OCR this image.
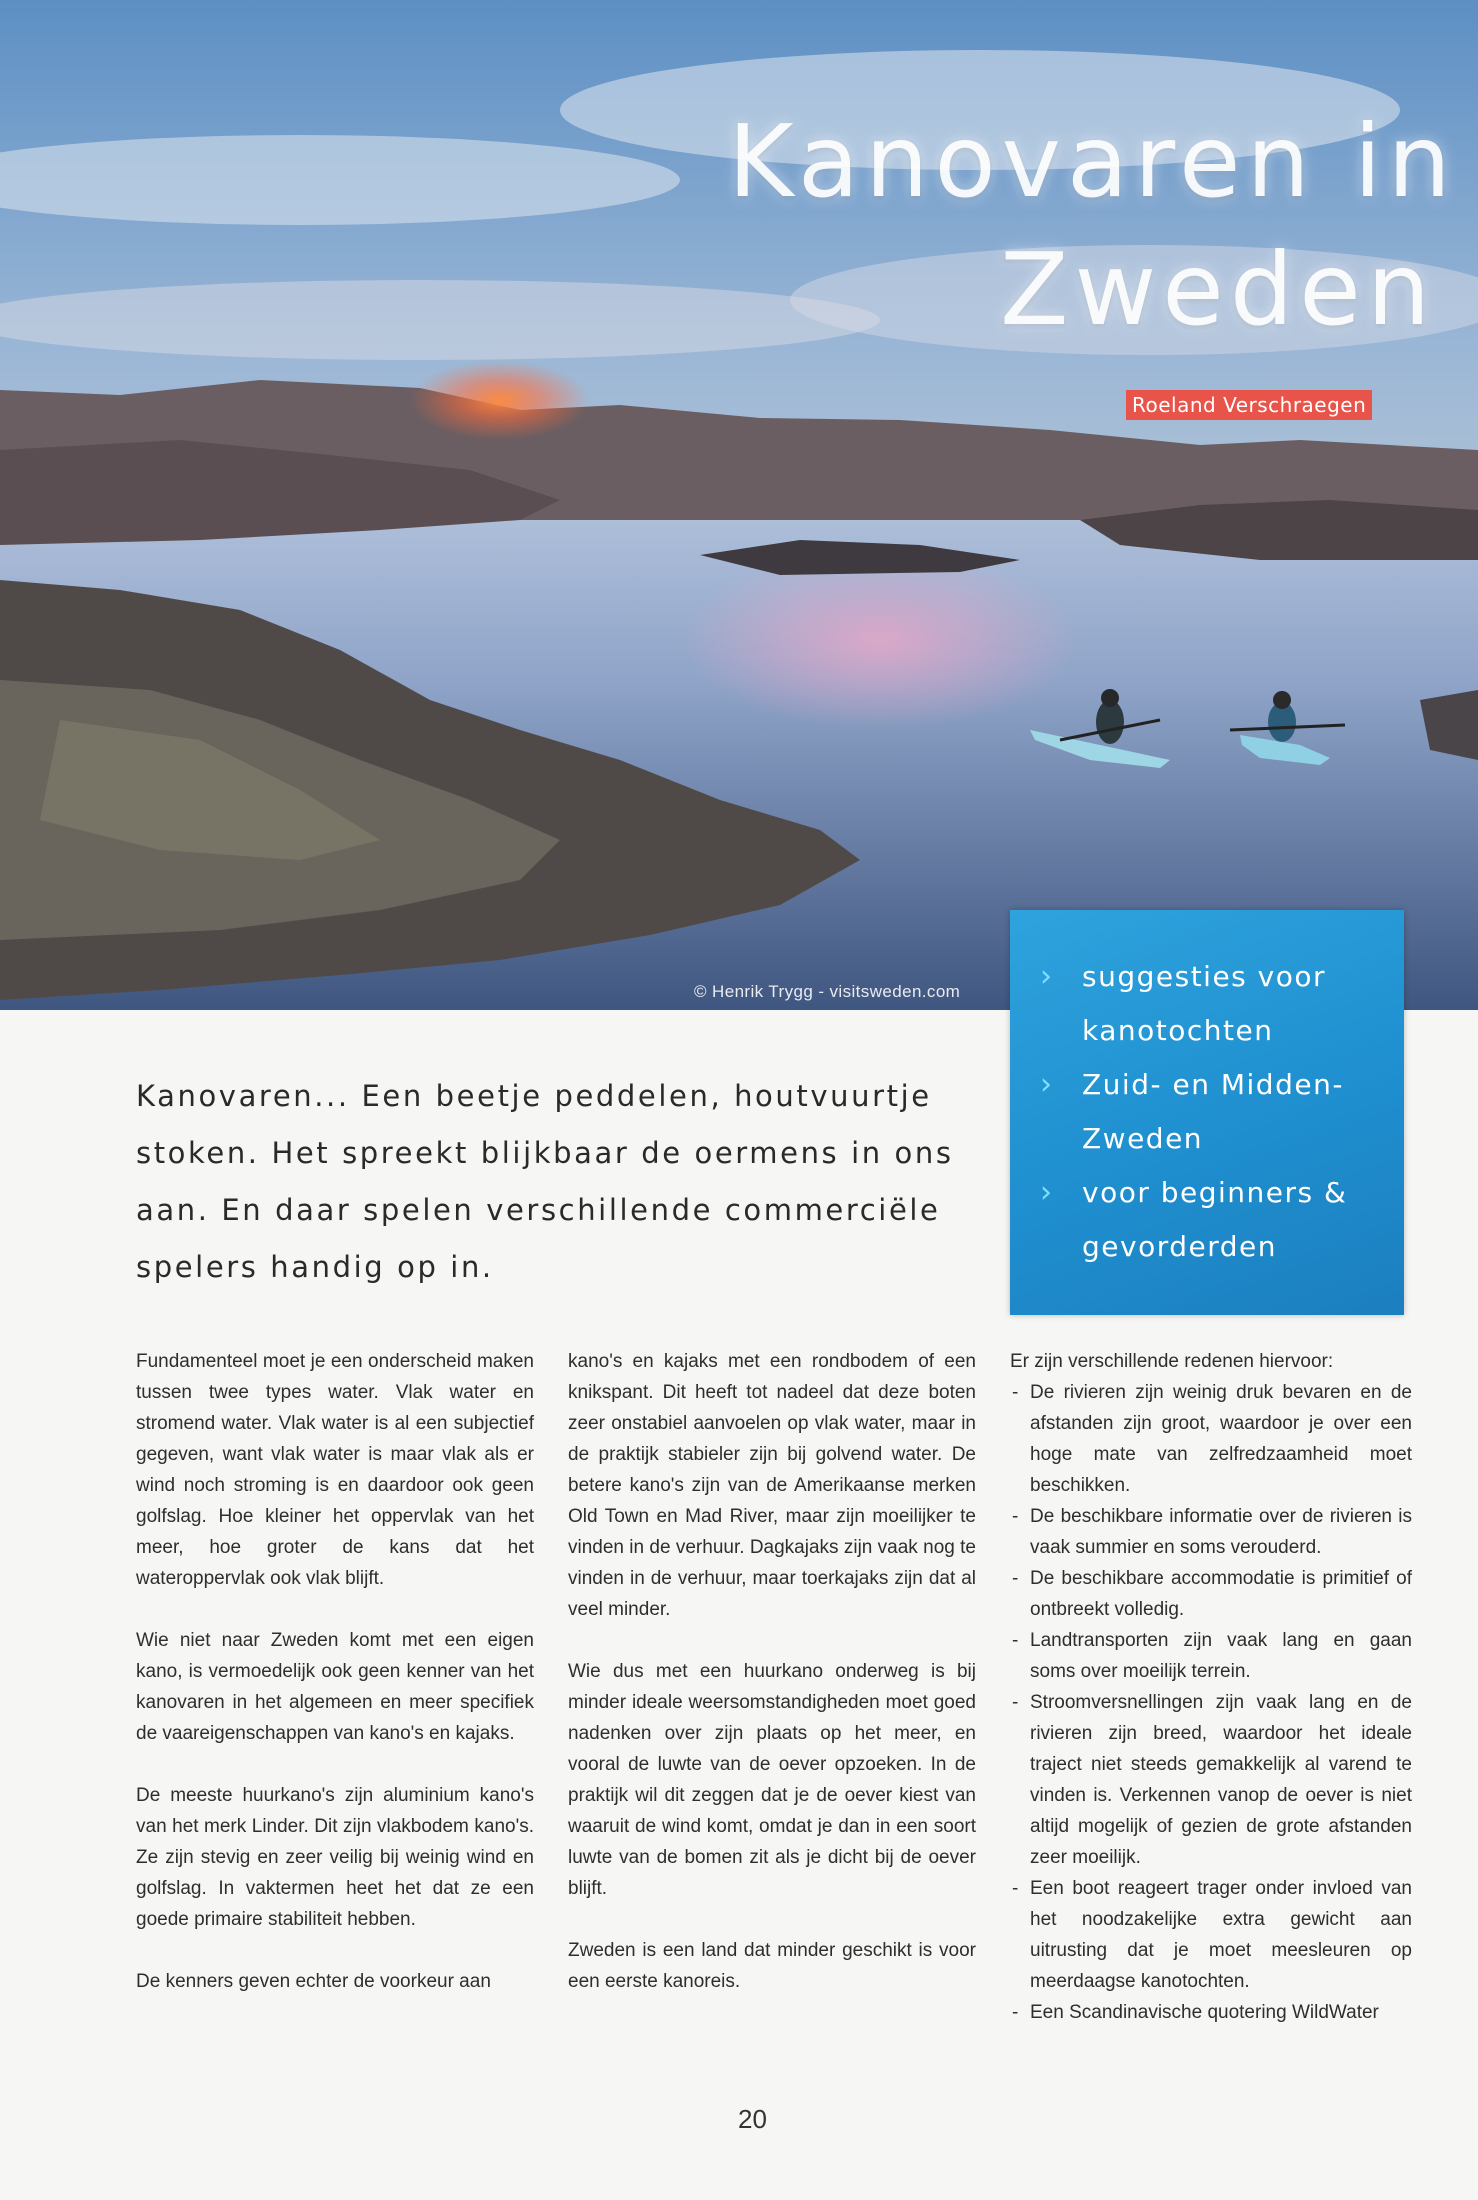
Kanovaren in
Zweden
Roeland Verschraegen
© Henrik Trygg - visitsweden.com	› suggesties voor kanotochten
› Zuid- en Midden-Zweden
› voor beginners & gevorderden

Kanovaren... Een beetje peddelen, houtvuurtje stoken. Het spreekt blijkbaar de oermens in ons aan. En daar spelen verschillende commerciële spelers handig op in.

Fundamenteel moet je een onderscheid maken tussen twee types water. Vlak water en stromend water. Vlak water is al een subjectief gegeven, want vlak water is maar vlak als er wind noch stroming is en daardoor ook geen golfslag. Hoe kleiner het oppervlak van het meer, hoe groter de kans dat het wateroppervlak ook vlak blijft.

Wie niet naar Zweden komt met een eigen kano, is vermoedelijk ook geen kenner van het kanovaren in het algemeen en meer specifiek de vaareigenschappen van kano's en kajaks.

De meeste huurkano's zijn aluminium kano's van het merk Linder. Dit zijn vlakbodem kano's. Ze zijn stevig en zeer veilig bij weinig wind en golfslag. In vaktermen heet het dat ze een goede primaire stabiliteit hebben.

De kenners geven echter de voorkeur aan

kano's en kajaks met een rondbodem of een knikspant. Dit heeft tot nadeel dat deze boten zeer onstabiel aanvoelen op vlak water, maar in de praktijk stabieler zijn bij golvend water. De betere kano's zijn van de Amerikaanse merken Old Town en Mad River, maar zijn moeilijker te vinden in de verhuur. Dagkajaks zijn vaak nog te vinden in de verhuur, maar toerkajaks zijn dat al veel minder.

Wie dus met een huurkano onderweg is bij minder ideale weersomstandigheden moet goed nadenken over zijn plaats op het meer, en vooral de luwte van de oever opzoeken. In de praktijk wil dit zeggen dat je de oever kiest van waaruit de wind komt, omdat je dan in een soort luwte van de bomen zit als je dicht bij de oever blijft.

Zweden is een land dat minder geschikt is voor een eerste kanoreis.

Er zijn verschillende redenen hiervoor:

- De rivieren zijn weinig druk bevaren en de afstanden zijn groot, waardoor je over een hoge mate van zelfredzaamheid moet beschikken.
- De beschikbare informatie over de rivieren is vaak summier en soms verouderd.
- De beschikbare accommodatie is primitief of ontbreekt volledig.
- Landtransporten zijn vaak lang en gaan soms over moeilijk terrein.
- Stroomversnellingen zijn vaak lang en de rivieren zijn breed, waardoor het ideale traject niet steeds gemakkelijk al varend te vinden is. Verkennen vanop de oever is niet altijd mogelijk of gezien de grote afstanden zeer moeilijk.
- Een boot reageert trager onder invloed van het noodzakelijke extra gewicht aan uitrusting dat je moet meesleuren op meerdaagse kanotochten.
- Een Scandinavische quotering WildWater
20
